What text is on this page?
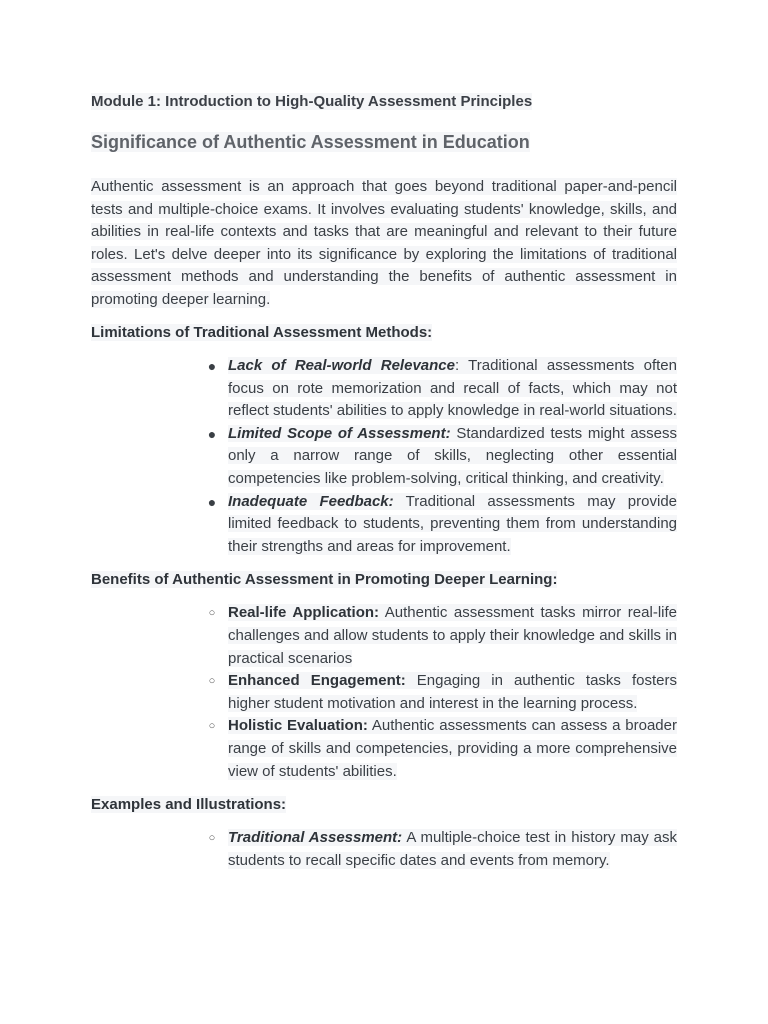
Module 1: Introduction to High-Quality Assessment Principles
Significance of Authentic Assessment in Education

Authentic assessment is an approach that goes beyond traditional paper-and-pencil tests and multiple-choice exams. It involves evaluating students' knowledge, skills, and abilities in real-life contexts and tasks that are meaningful and relevant to their future roles. Let's delve deeper into its significance by exploring the limitations of traditional assessment methods and understanding the benefits of authentic assessment in promoting deeper learning.

Limitations of Traditional Assessment Methods:

● Lack of Real-world Relevance: Traditional assessments often focus on rote memorization and recall of facts, which may not reflect students' abilities to apply knowledge in real-world situations.
● Limited Scope of Assessment: Standardized tests might assess only a narrow range of skills, neglecting other essential competencies like problem-solving, critical thinking, and creativity.
● Inadequate Feedback: Traditional assessments may provide limited feedback to students, preventing them from understanding their strengths and areas for improvement.

Benefits of Authentic Assessment in Promoting Deeper Learning:

○ Real-life Application: Authentic assessment tasks mirror real-life challenges and allow students to apply their knowledge and skills in practical scenarios
○ Enhanced Engagement: Engaging in authentic tasks fosters higher student motivation and interest in the learning process.
○ Holistic Evaluation: Authentic assessments can assess a broader range of skills and competencies, providing a more comprehensive view of students' abilities.

Examples and Illustrations:

○ Traditional Assessment: A multiple-choice test in history may ask students to recall specific dates and events from memory.
